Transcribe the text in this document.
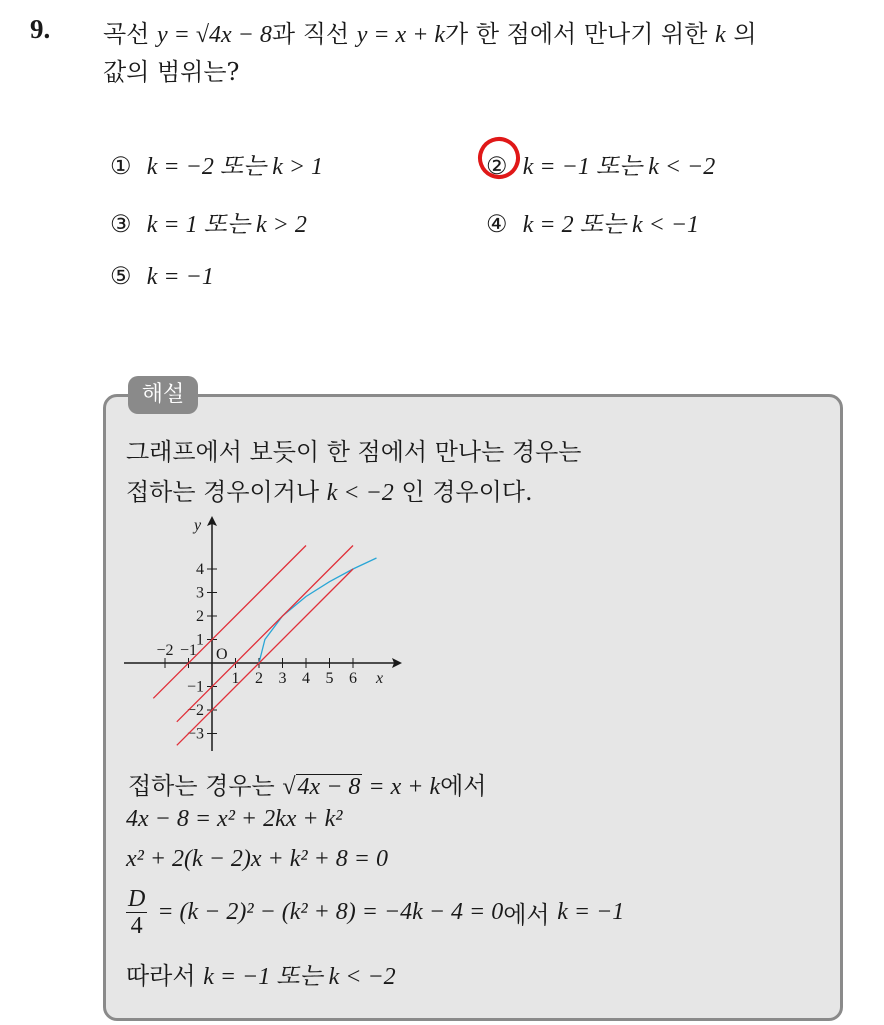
9. 곡선 y = √4x − 8과 직선 y = x + k가 한 점에서 만나기 위한 k 의
값의 범위는?
① k = −2 또는 k > 1	② k = −1 또는 k < −2
③ k = 1 또는 k > 2	④ k = 2 또는 k < −1
⑤ k = −1
해설
그래프에서 보듯이 한 점에서 만나는 경우는
접하는 경우이거나 k < −2 인 경우이다.
x
y
O
−2 −1
1 2 3 4 5 6
4
3
2
1
−1
−2
−3
접하는 경우는 √4x − 8 = x + k에서
4x − 8 = x² + 2kx + k²
x² + 2(k − 2)x + k² + 8 = 0
$\frac{D}{4} = (k - 2)^2 - (k^2 + 8) = -4k - 4 = 0$에서 k = −1
따라서 k = −1 또는 k < −2
